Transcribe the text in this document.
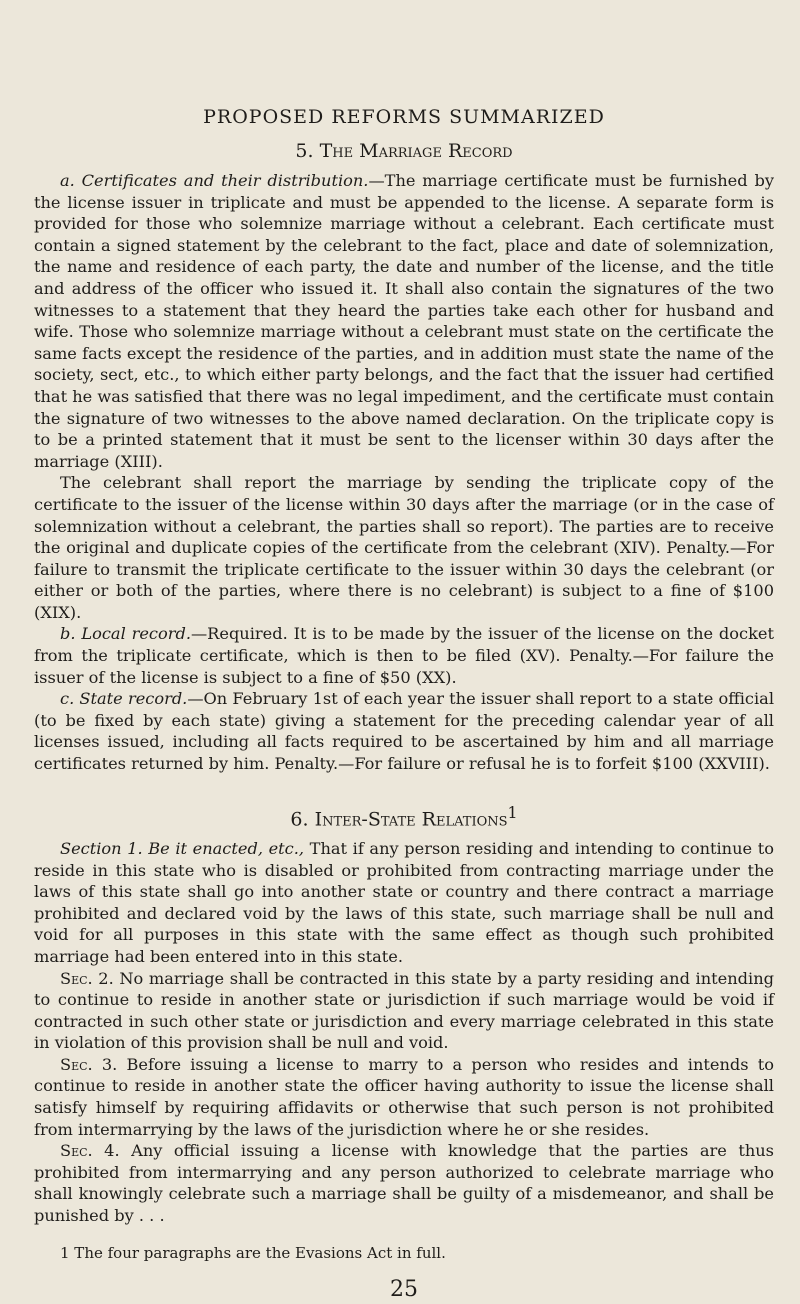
PROPOSED REFORMS SUMMARIZED
5. The Marriage Record

a. Certificates and their distribution.—The marriage certificate must be furnished by the license issuer in triplicate and must be appended to the license. A separate form is provided for those who solemnize marriage without a celebrant. Each certificate must contain a signed statement by the celebrant to the fact, place and date of solemnization, the name and residence of each party, the date and number of the license, and the title and address of the officer who issued it. It shall also contain the signatures of the two witnesses to a statement that they heard the parties take each other for husband and wife. Those who solemnize marriage without a celebrant must state on the certificate the same facts except the residence of the parties, and in addition must state the name of the society, sect, etc., to which either party belongs, and the fact that the issuer had certified that he was satisfied that there was no legal impediment, and the certificate must contain the signature of two witnesses to the above named declaration. On the triplicate copy is to be a printed statement that it must be sent to the licenser within 30 days after the marriage (XIII).

The celebrant shall report the marriage by sending the triplicate copy of the certificate to the issuer of the license within 30 days after the marriage (or in the case of solemnization without a celebrant, the parties shall so report). The parties are to receive the original and duplicate copies of the certificate from the celebrant (XIV). Penalty.—For failure to transmit the triplicate certificate to the issuer within 30 days the celebrant (or either or both of the parties, where there is no celebrant) is subject to a fine of $100 (XIX).

b. Local record.—Required. It is to be made by the issuer of the license on the docket from the triplicate certificate, which is then to be filed (XV). Penalty.—For failure the issuer of the license is subject to a fine of $50 (XX).

c. State record.—On February 1st of each year the issuer shall report to a state official (to be fixed by each state) giving a statement for the preceding calendar year of all licenses issued, including all facts required to be ascertained by him and all marriage certificates returned by him. Penalty.—For failure or refusal he is to forfeit $100 (XXVIII).

6. Inter-State Relations$^1$

Section 1. Be it enacted, etc., That if any person residing and intending to continue to reside in this state who is disabled or prohibited from contracting marriage under the laws of this state shall go into another state or country and there contract a marriage prohibited and declared void by the laws of this state, such marriage shall be null and void for all purposes in this state with the same effect as though such prohibited marriage had been entered into in this state.

Sec. 2. No marriage shall be contracted in this state by a party residing and intending to continue to reside in another state or jurisdiction if such marriage would be void if contracted in such other state or jurisdiction and every marriage celebrated in this state in violation of this provision shall be null and void.

Sec. 3. Before issuing a license to marry to a person who resides and intends to continue to reside in another state the officer having authority to issue the license shall satisfy himself by requiring affidavits or otherwise that such person is not prohibited from intermarrying by the laws of the jurisdiction where he or she resides.

Sec. 4. Any official issuing a license with knowledge that the parties are thus prohibited from intermarrying and any person authorized to celebrate marriage who shall knowingly celebrate such a marriage shall be guilty of a misdemeanor, and shall be punished by . . .

1 The four paragraphs are the Evasions Act in full.

25
